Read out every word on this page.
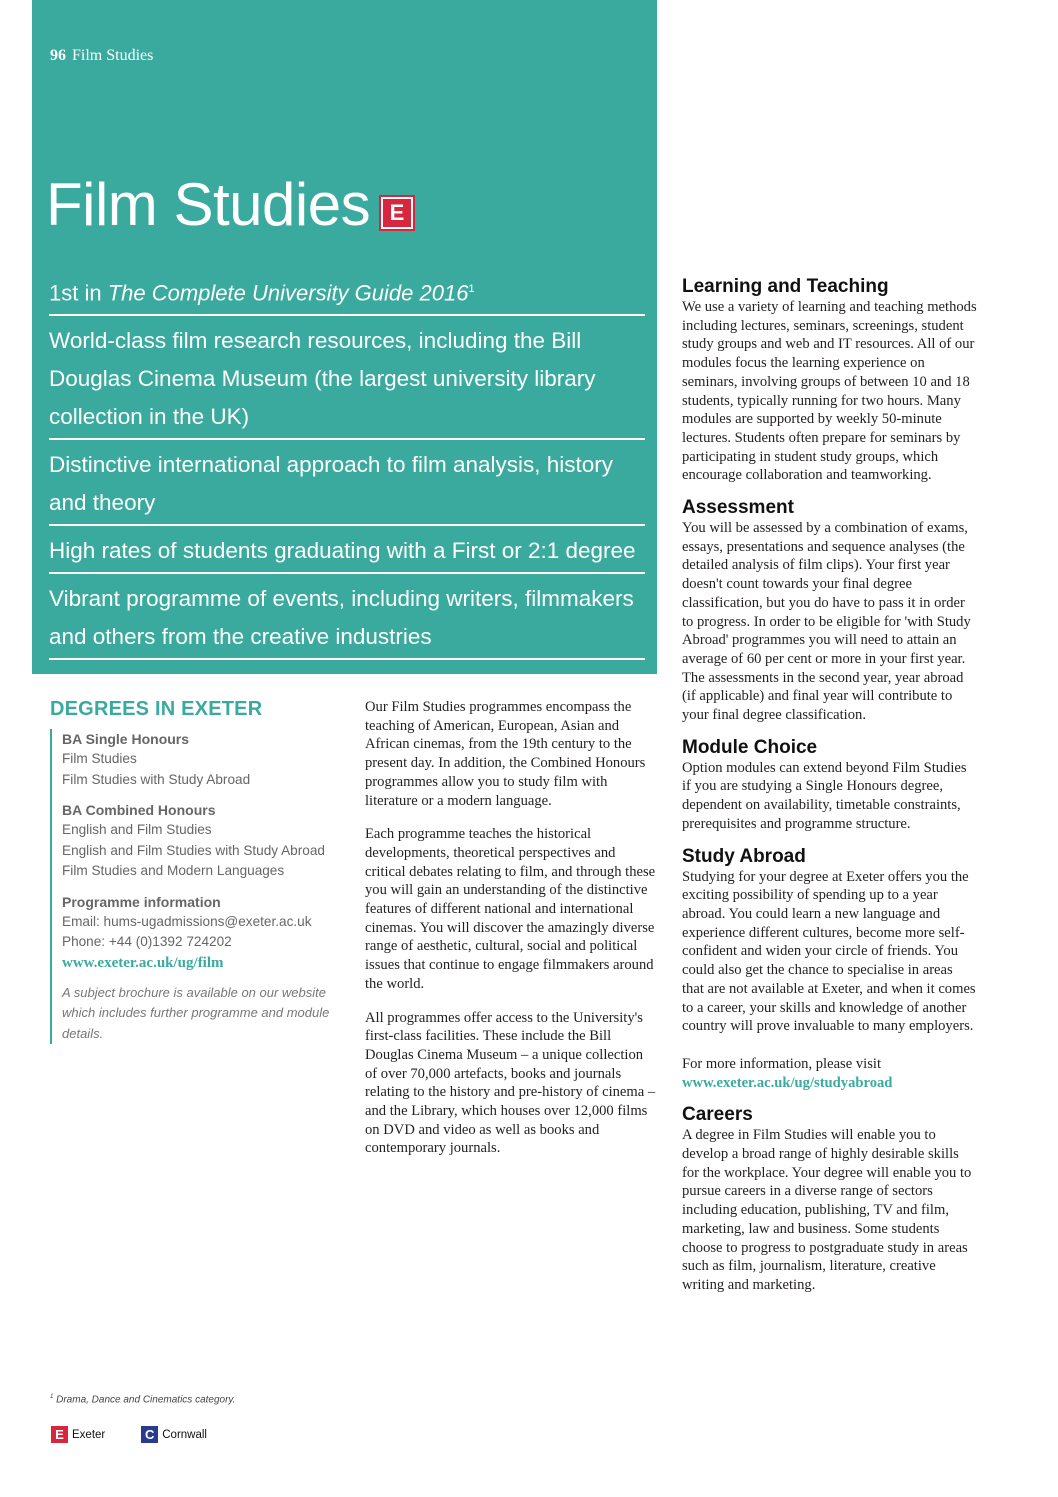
96 Film Studies
Film Studies E
1st in The Complete University Guide 2016$^1$
World-class film research resources, including the Bill Douglas Cinema Museum (the largest university library collection in the UK)
Distinctive international approach to film analysis, history and theory
High rates of students graduating with a First or 2:1 degree
Vibrant programme of events, including writers, filmmakers and others from the creative industries
DEGREES IN EXETER
BA Single Honours
Film Studies
Film Studies with Study Abroad
BA Combined Honours
English and Film Studies
English and Film Studies with Study Abroad
Film Studies and Modern Languages
Programme information
Email: hums-ugadmissions@exeter.ac.uk
Phone: +44 (0)1392 724202
www.exeter.ac.uk/ug/film
A subject brochure is available on our website which includes further programme and module details.

Our Film Studies programmes encompass the teaching of American, European, Asian and African cinemas, from the 19th century to the present day. In addition, the Combined Honours programmes allow you to study film with literature or a modern language.

Each programme teaches the historical developments, theoretical perspectives and critical debates relating to film, and through these you will gain an understanding of the distinctive features of different national and international cinemas. You will discover the amazingly diverse range of aesthetic, cultural, social and political issues that continue to engage filmmakers around the world.

All programmes offer access to the University's first-class facilities. These include the Bill Douglas Cinema Museum – a unique collection of over 70,000 artefacts, books and journals relating to the history and pre-history of cinema – and the Library, which houses over 12,000 films on DVD and video as well as books and contemporary journals.

Learning and Teaching

We use a variety of learning and teaching methods including lectures, seminars, screenings, student study groups and web and IT resources. All of our modules focus the learning experience on seminars, involving groups of between 10 and 18 students, typically running for two hours. Many modules are supported by weekly 50-minute lectures. Students often prepare for seminars by participating in student study groups, which encourage collaboration and teamworking.

Assessment

You will be assessed by a combination of exams, essays, presentations and sequence analyses (the detailed analysis of film clips). Your first year doesn't count towards your final degree classification, but you do have to pass it in order to progress. In order to be eligible for 'with Study Abroad' programmes you will need to attain an average of 60 per cent or more in your first year. The assessments in the second year, year abroad (if applicable) and final year will contribute to your final degree classification.

Module Choice

Option modules can extend beyond Film Studies if you are studying a Single Honours degree, dependent on availability, timetable constraints, prerequisites and programme structure.

Study Abroad

Studying for your degree at Exeter offers you the exciting possibility of spending up to a year abroad. You could learn a new language and experience different cultures, become more self-confident and widen your circle of friends. You could also get the chance to specialise in areas that are not available at Exeter, and when it comes to a career, your skills and knowledge of another country will prove invaluable to many employers.

For more information, please visit www.exeter.ac.uk/ug/studyabroad

Careers

A degree in Film Studies will enable you to develop a broad range of highly desirable skills for the workplace. Your degree will enable you to pursue careers in a diverse range of sectors including education, publishing, TV and film, marketing, law and business. Some students choose to progress to postgraduate study in areas such as film, journalism, literature, creative writing and marketing.

$^1$ Drama, Dance and Cinematics category.
E Exeter	C Cornwall
